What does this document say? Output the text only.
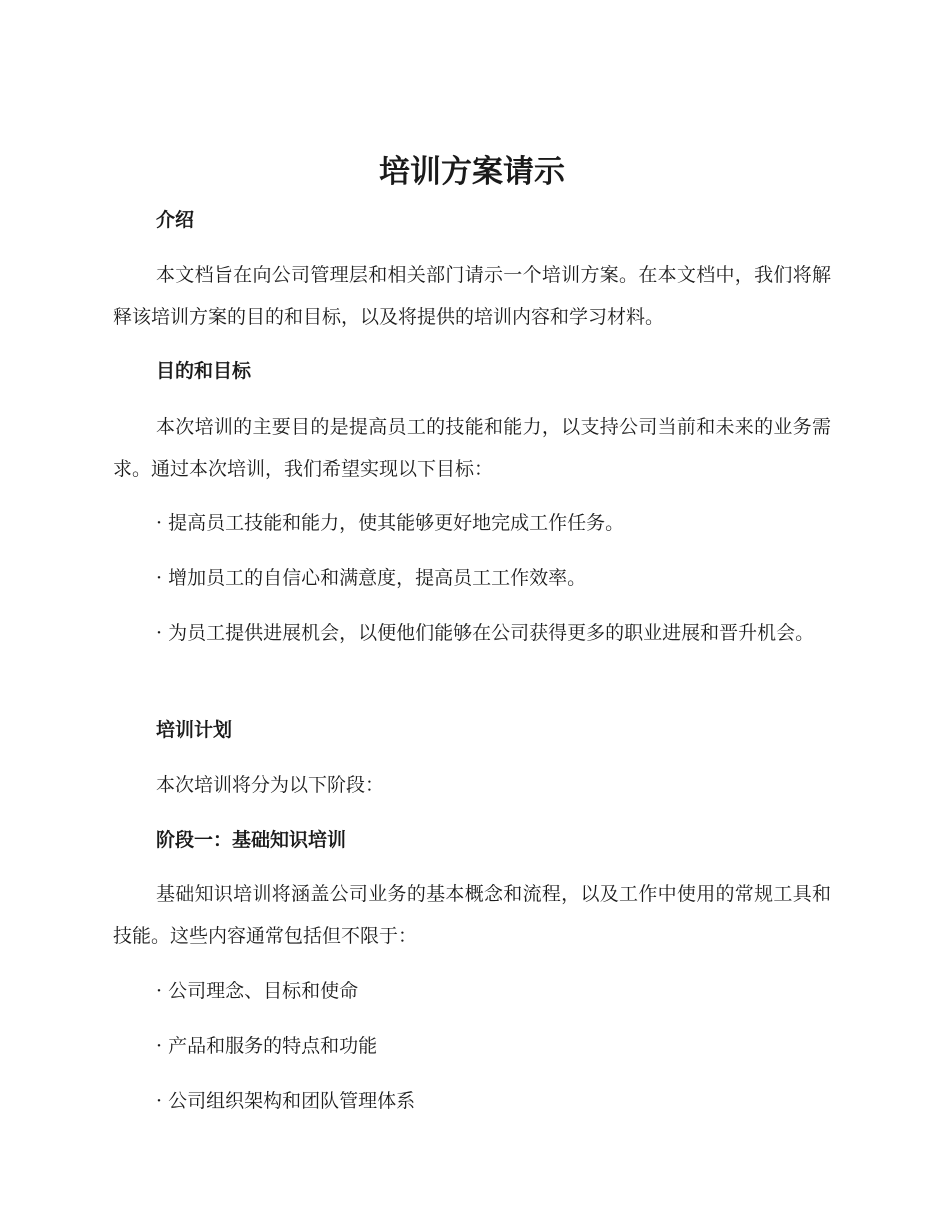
培训方案请示

介绍

本文档旨在向公司管理层和相关部门请示一个培训方案。在本文档中，我们将解释该培训方案的目的和目标，以及将提供的培训内容和学习材料。

目的和目标

本次培训的主要目的是提高员工的技能和能力，以支持公司当前和未来的业务需求。通过本次培训，我们希望实现以下目标：

· 提高员工技能和能力，使其能够更好地完成工作任务。

· 增加员工的自信心和满意度，提高员工工作效率。

· 为员工提供进展机会，以便他们能够在公司获得更多的职业进展和晋升机会。

培训计划

本次培训将分为以下阶段：

阶段一：基础知识培训

基础知识培训将涵盖公司业务的基本概念和流程，以及工作中使用的常规工具和技能。这些内容通常包括但不限于：

· 公司理念、目标和使命

· 产品和服务的特点和功能

· 公司组织架构和团队管理体系
